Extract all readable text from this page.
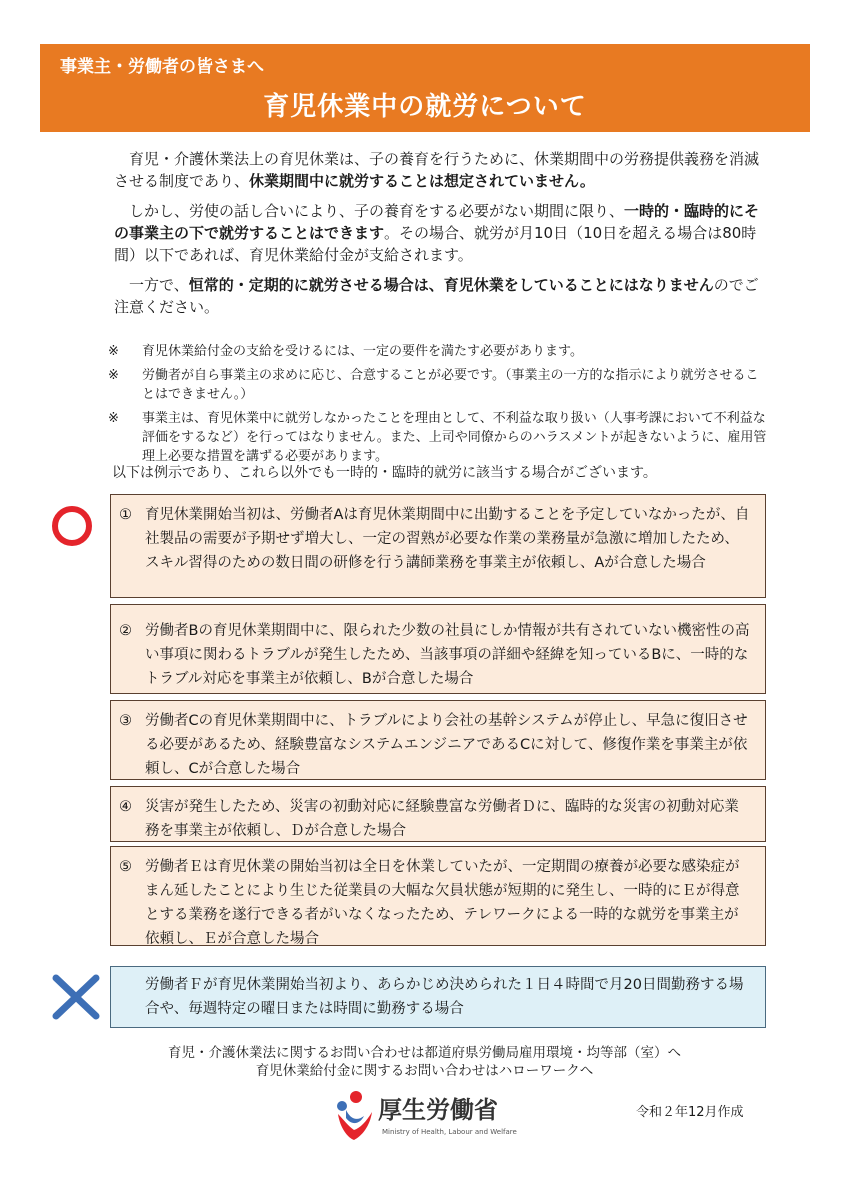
事業主・労働者の皆さまへ
育児休業中の就労について

育児・介護休業法上の育児休業は、子の養育を行うために、休業期間中の労務提供義務を消滅させる制度であり、休業期間中に就労することは想定されていません。

しかし、労使の話し合いにより、子の養育をする必要がない期間に限り、一時的・臨時的にその事業主の下で就労することはできます。その場合、就労が月10日（10日を超える場合は80時間）以下であれば、育児休業給付金が支給されます。

一方で、恒常的・定期的に就労させる場合は、育児休業をしていることにはなりませんのでご注意ください。

※	育児休業給付金の支給を受けるには、一定の要件を満たす必要があります。
※	労働者が自ら事業主の求めに応じ、合意することが必要です。（事業主の一方的な指示により就労させることはできません。）
※	事業主は、育児休業中に就労しなかったことを理由として、不利益な取り扱い（人事考課において不利益な評価をするなど）を行ってはなりません。また、上司や同僚からのハラスメントが起きないように、雇用管理上必要な措置を講ずる必要があります。
以下は例示であり、これら以外でも一時的・臨時的就労に該当する場合がございます。
① 育児休業開始当初は、労働者Aは育児休業期間中に出勤することを予定していなかったが、自社製品の需要が予期せず増大し、一定の習熟が必要な作業の業務量が急激に増加したため、スキル習得のための数日間の研修を行う講師業務を事業主が依頼し、Aが合意した場合
② 労働者Bの育児休業期間中に、限られた少数の社員にしか情報が共有されていない機密性の高い事項に関わるトラブルが発生したため、当該事項の詳細や経緯を知っているBに、一時的なトラブル対応を事業主が依頼し、Bが合意した場合
③ 労働者Cの育児休業期間中に、トラブルにより会社の基幹システムが停止し、早急に復旧させる必要があるため、経験豊富なシステムエンジニアであるCに対して、修復作業を事業主が依頼し、Cが合意した場合
④ 災害が発生したため、災害の初動対応に経験豊富な労働者Ｄに、臨時的な災害の初動対応業務を事業主が依頼し、Ｄが合意した場合
⑤ 労働者Ｅは育児休業の開始当初は全日を休業していたが、一定期間の療養が必要な感染症がまん延したことにより生じた従業員の大幅な欠員状態が短期的に発生し、一時的にＥが得意とする業務を遂行できる者がいなくなったため、テレワークによる一時的な就労を事業主が依頼し、Ｅが合意した場合
労働者Ｆが育児休業開始当初より、あらかじめ決められた１日４時間で月20日間勤務する場合や、毎週特定の曜日または時間に勤務する場合
育児・介護休業法に関するお問い合わせは都道府県労働局雇用環境・均等部（室）へ
育児休業給付金に関するお問い合わせはハローワークへ
厚生労働省
Ministry of Health, Labour and Welfare
令和２年12月作成
